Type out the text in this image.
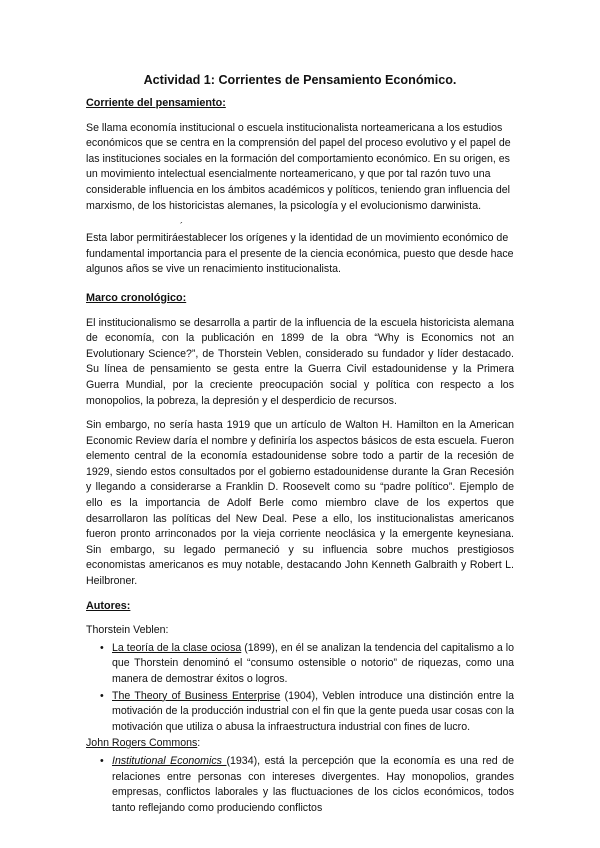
Actividad 1: Corrientes de Pensamiento Económico.
Corriente del pensamiento:

Se llama economía institucional o escuela institucionalista norteamericana a los estudios económicos que se centra en la comprensión del papel del proceso evolutivo y el papel de las instituciones sociales en la formación del comportamiento económico. En su origen, es un movimiento intelectual esencialmente norteamericano, y que por tal razón tuvo una considerable influencia en los ámbitos académicos y políticos, teniendo gran influencia del marxismo, de los historicistas alemanes, la psicología y el evolucionismo darwinista.

´

Esta labor permitiráestablecer los orígenes y la identidad de un movimiento económico de fundamental importancia para el presente de la ciencia económica, puesto que desde hace algunos años se vive un renacimiento institucionalista.

Marco cronológico:

El institucionalismo se desarrolla a partir de la influencia de la escuela historicista alemana de economía, con la publicación en 1899 de la obra “Why is Economics not an Evolutionary Science?”, de Thorstein Veblen, considerado su fundador y líder destacado. Su línea de pensamiento se gesta entre la Guerra Civil estadounidense y la Primera Guerra Mundial, por la creciente preocupación social y política con respecto a los monopolios, la pobreza, la depresión y el desperdicio de recursos.

Sin embargo, no sería hasta 1919 que un artículo de Walton H. Hamilton en la American Economic Review daría el nombre y definiría los aspectos básicos de esta escuela. Fueron elemento central de la economía estadounidense sobre todo a partir de la recesión de 1929, siendo estos consultados por el gobierno estadounidense durante la Gran Recesión y llegando a considerarse a Franklin D. Roosevelt como su “padre político”. Ejemplo de ello es la importancia de Adolf Berle como miembro clave de los expertos que desarrollaron las políticas del New Deal. Pese a ello, los institucionalistas americanos fueron pronto arrinconados por la vieja corriente neoclásica y la emergente keynesiana. Sin embargo, su legado permaneció y su influencia sobre muchos prestigiosos economistas americanos es muy notable, destacando John Kenneth Galbraith y Robert L. Heilbroner.

Autores:
Thorstein Veblen:
• La teoría de la clase ociosa (1899), en él se analizan la tendencia del capitalismo a lo que Thorstein denominó el “consumo ostensible o notorio” de riquezas, como una manera de demostrar éxitos o logros.
• The Theory of Business Enterprise (1904), Veblen introduce una distinción entre la motivación de la producción industrial con el fin que la gente pueda usar cosas con la motivación que utiliza o abusa la infraestructura industrial con fines de lucro.
John Rogers Commons:
• Institutional Economics (1934), está la percepción que la economía es una red de relaciones entre personas con intereses divergentes. Hay monopolios, grandes empresas, conflictos laborales y las fluctuaciones de los ciclos económicos, todos tanto reflejando como produciendo conflictos
